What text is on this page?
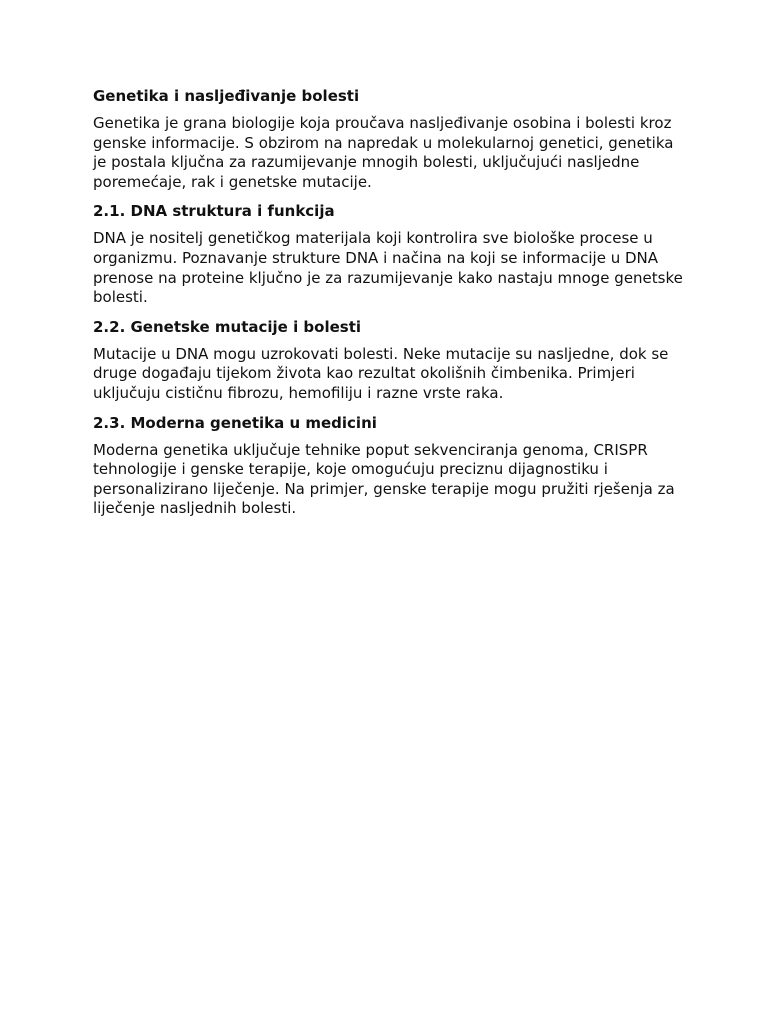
Genetika i nasljeđivanje bolesti

Genetika je grana biologije koja proučava nasljeđivanje osobina i bolesti kroz genske informacije. S obzirom na napredak u molekularnoj genetici, genetika je postala ključna za razumijevanje mnogih bolesti, uključujući nasljedne poremećaje, rak i genetske mutacije.

2.1. DNA struktura i funkcija

DNA je nositelj genetičkog materijala koji kontrolira sve biološke procese u organizmu. Poznavanje strukture DNA i načina na koji se informacije u DNA prenose na proteine ključno je za razumijevanje kako nastaju mnoge genetske bolesti.

2.2. Genetske mutacije i bolesti

Mutacije u DNA mogu uzrokovati bolesti. Neke mutacije su nasljedne, dok se druge događaju tijekom života kao rezultat okolišnih čimbenika. Primjeri uključuju cističnu fibrozu, hemofiliju i razne vrste raka.

2.3. Moderna genetika u medicini

Moderna genetika uključuje tehnike poput sekvenciranja genoma, CRISPR tehnologije i genske terapije, koje omogućuju preciznu dijagnostiku i personalizirano liječenje. Na primjer, genske terapije mogu pružiti rješenja za liječenje nasljednih bolesti.
